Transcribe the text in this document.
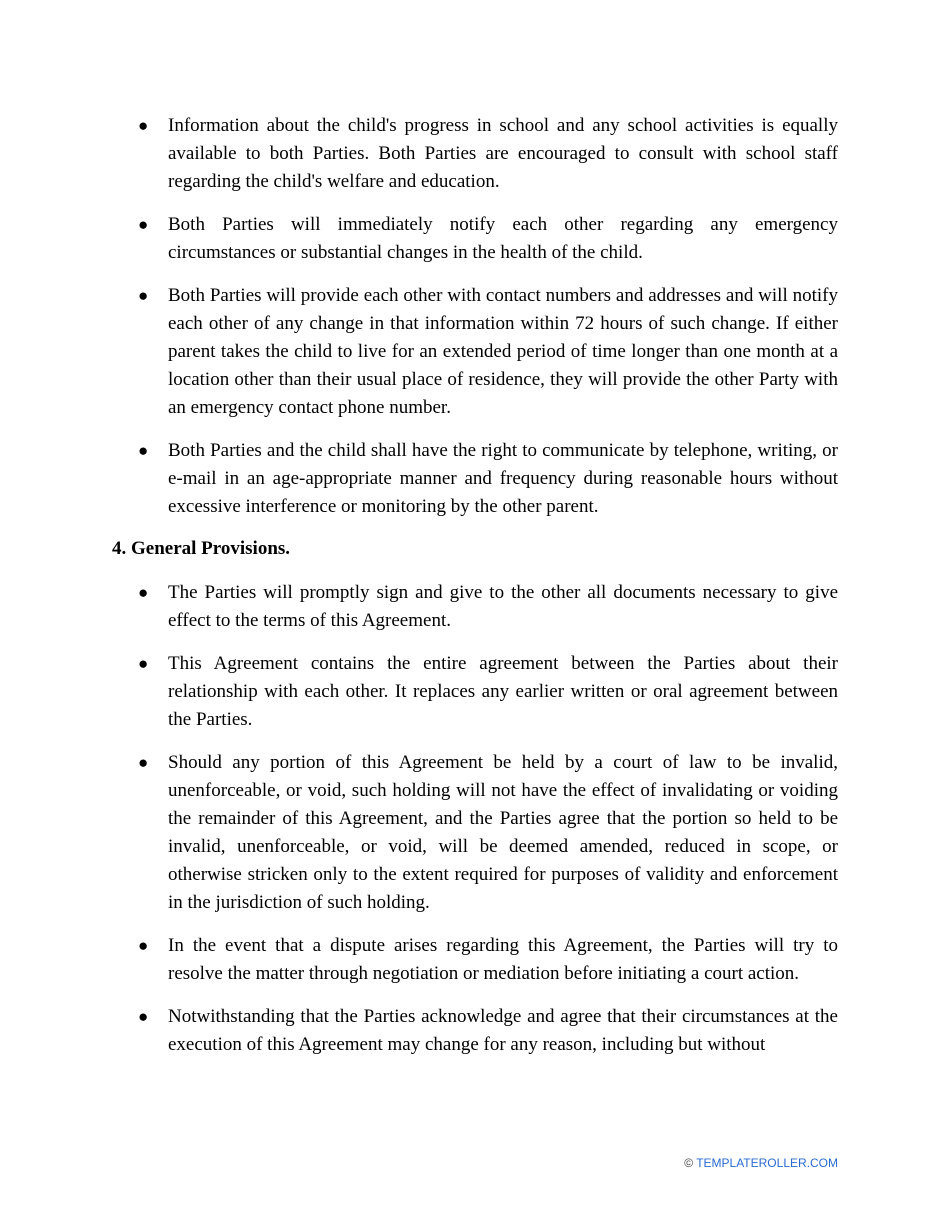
● Information about the child's progress in school and any school activities is equally available to both Parties. Both Parties are encouraged to consult with school staff regarding the child's welfare and education.
● Both Parties will immediately notify each other regarding any emergency circumstances or substantial changes in the health of the child.
● Both Parties will provide each other with contact numbers and addresses and will notify each other of any change in that information within 72 hours of such change. If either parent takes the child to live for an extended period of time longer than one month at a location other than their usual place of residence, they will provide the other Party with an emergency contact phone number.
● Both Parties and the child shall have the right to communicate by telephone, writing, or e-mail in an age-appropriate manner and frequency during reasonable hours without excessive interference or monitoring by the other parent.
4. General Provisions.
● The Parties will promptly sign and give to the other all documents necessary to give effect to the terms of this Agreement.
● This Agreement contains the entire agreement between the Parties about their relationship with each other. It replaces any earlier written or oral agreement between the Parties.
● Should any portion of this Agreement be held by a court of law to be invalid, unenforceable, or void, such holding will not have the effect of invalidating or voiding the remainder of this Agreement, and the Parties agree that the portion so held to be invalid, unenforceable, or void, will be deemed amended, reduced in scope, or otherwise stricken only to the extent required for purposes of validity and enforcement in the jurisdiction of such holding.
● In the event that a dispute arises regarding this Agreement, the Parties will try to resolve the matter through negotiation or mediation before initiating a court action.
● Notwithstanding that the Parties acknowledge and agree that their circumstances at the execution of this Agreement may change for any reason, including but without
© TEMPLATEROLLER.COM
